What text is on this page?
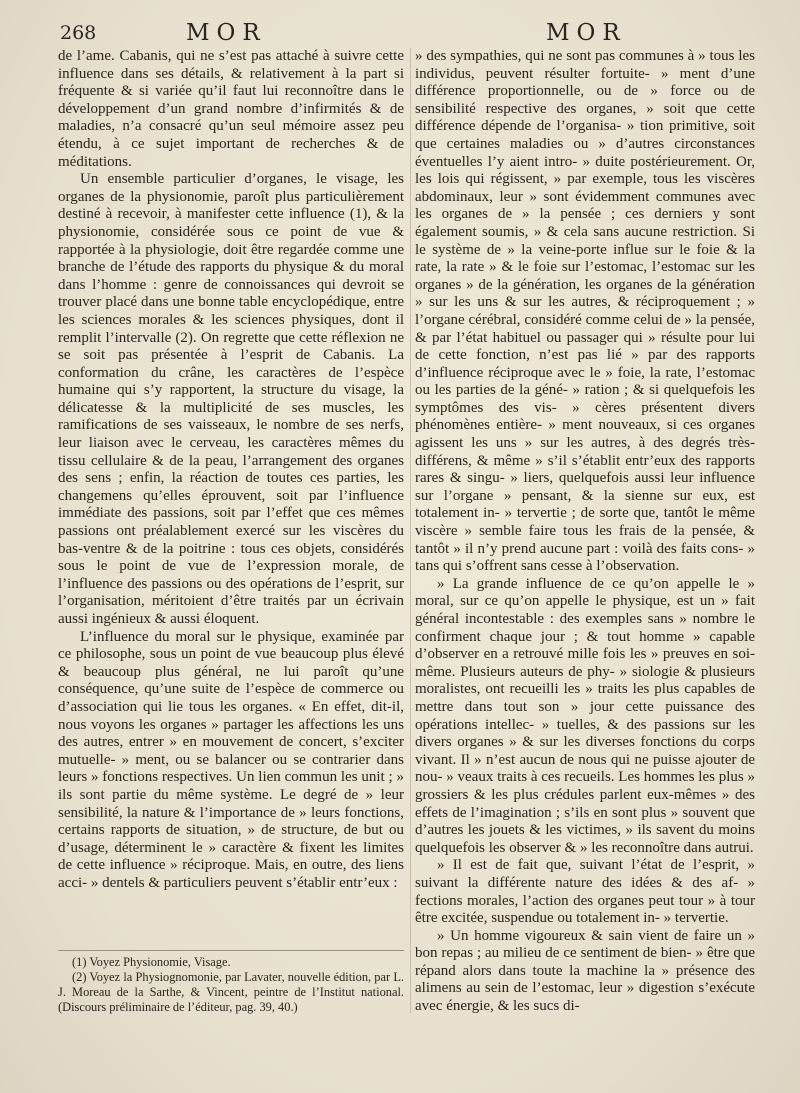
268	MOR	MOR

de l’ame. Cabanis, qui ne s’est pas attaché à suivre cette influence dans ses détails, & relativement à la part si fréquente & si variée qu’il faut lui reconnoître dans le développement d’un grand nombre d’infirmités & de maladies, n’a consacré qu’un seul mémoire assez peu étendu, à ce sujet important de recherches & de méditations.

Un ensemble particulier d’organes, le visage, les organes de la physionomie, paroît plus particulièrement destiné à recevoir, à manifester cette influence (1), & la physionomie, considérée sous ce point de vue & rapportée à la physiologie, doit être regardée comme une branche de l’étude des rapports du physique & du moral dans l’homme : genre de connoissances qui devroit se trouver placé dans une bonne table encyclopédique, entre les sciences morales & les sciences physiques, dont il remplit l’intervalle (2). On regrette que cette réflexion ne se soit pas présentée à l’esprit de Cabanis. La conformation du crâne, les caractères de l’espèce humaine qui s’y rapportent, la structure du visage, la délicatesse & la multiplicité de ses muscles, les ramifications de ses vaisseaux, le nombre de ses nerfs, leur liaison avec le cerveau, les caractères mêmes du tissu cellulaire & de la peau, l’arrangement des organes des sens ; enfin, la réaction de toutes ces parties, les changemens qu’elles éprouvent, soit par l’influence immédiate des passions, soit par l’effet que ces mêmes passions ont préalablement exercé sur les viscères du bas-ventre & de la poitrine : tous ces objets, considérés sous le point de vue de l’expression morale, de l’influence des passions ou des opérations de l’esprit, sur l’organisation, méritoient d’être traités par un écrivain aussi ingénieux & aussi éloquent.

L’influence du moral sur le physique, examinée par ce philosophe, sous un point de vue beaucoup plus élevé & beaucoup plus général, ne lui paroît qu’une conséquence, qu’une suite de l’espèce de commerce ou d’association qui lie tous les organes. « En effet, dit-il, nous voyons les organes » partager les affections les uns des autres, entrer » en mouvement de concert, s’exciter mutuelle- » ment, ou se balancer ou se contrarier dans leurs » fonctions respectives. Un lien commun les unit ; » ils sont partie du même système. Le degré de » leur sensibilité, la nature & l’importance de » leurs fonctions, certains rapports de situation, » de structure, de but ou d’usage, déterminent le » caractère & fixent les limites de cette influence » réciproque. Mais, en outre, des liens acci- » dentels & particuliers peuvent s’établir entr’eux :

» des sympathies, qui ne sont pas communes à » tous les individus, peuvent résulter fortuite- » ment d’une différence proportionnelle, ou de » force ou de sensibilité respective des organes, » soit que cette différence dépende de l’organisa- » tion primitive, soit que certaines maladies ou » d’autres circonstances éventuelles l’y aient intro- » duite postérieurement. Or, les lois qui régissent, » par exemple, tous les viscères abdominaux, leur » sont évidemment communes avec les organes de » la pensée ; ces derniers y sont également soumis, » & cela sans aucune restriction. Si le système de » la veine-porte influe sur le foie & la rate, la rate » & le foie sur l’estomac, l’estomac sur les organes » de la génération, les organes de la génération » sur les uns & sur les autres, & réciproquement ; » l’organe cérébral, considéré comme celui de » la pensée, & par l’état habituel ou passager qui » résulte pour lui de cette fonction, n’est pas lié » par des rapports d’influence réciproque avec le » foie, la rate, l’estomac ou les parties de la géné- » ration ; & si quelquefois les symptômes des vis- » cères présentent divers phénomènes entière- » ment nouveaux, si ces organes agissent les uns » sur les autres, à des degrés très-différens, & même » s’il s’établit entr’eux des rapports rares & singu- » liers, quelquefois aussi leur influence sur l’organe » pensant, & la sienne sur eux, est totalement in- » tervertie ; de sorte que, tantôt le même viscère » semble faire tous les frais de la pensée, & tantôt » il n’y prend aucune part : voilà des faits cons- » tans qui s’offrent sans cesse à l’observation.

» La grande influence de ce qu’on appelle le » moral, sur ce qu’on appelle le physique, est un » fait général incontestable : des exemples sans » nombre le confirment chaque jour ; & tout homme » capable d’observer en a retrouvé mille fois les » preuves en soi-même. Plusieurs auteurs de phy- » siologie & plusieurs moralistes, ont recueilli les » traits les plus capables de mettre dans tout son » jour cette puissance des opérations intellec- » tuelles, & des passions sur les divers organes » & sur les diverses fonctions du corps vivant. Il » n’est aucun de nous qui ne puisse ajouter de nou- » veaux traits à ces recueils. Les hommes les plus » grossiers & les plus crédules parlent eux-mêmes » des effets de l’imagination ; s’ils en sont plus » souvent que d’autres les jouets & les victimes, » ils savent du moins quelquefois les observer & » les reconnoître dans autrui.

» Il est de fait que, suivant l’état de l’esprit, » suivant la différente nature des idées & des af- » fections morales, l’action des organes peut tour » à tour être excitée, suspendue ou totalement in- » tervertie.

» Un homme vigoureux & sain vient de faire un » bon repas ; au milieu de ce sentiment de bien- » être que répand alors dans toute la machine la » présence des alimens au sein de l’estomac, leur » digestion s’exécute avec énergie, & les sucs di-

(1) Voyez Physionomie, Visage.

(2) Voyez la Physiognomonie, par Lavater, nouvelle édition, par L. J. Moreau de la Sarthe, & Vincent, peintre de l’Institut national. (Discours préliminaire de l’éditeur, pag. 39, 40.)
